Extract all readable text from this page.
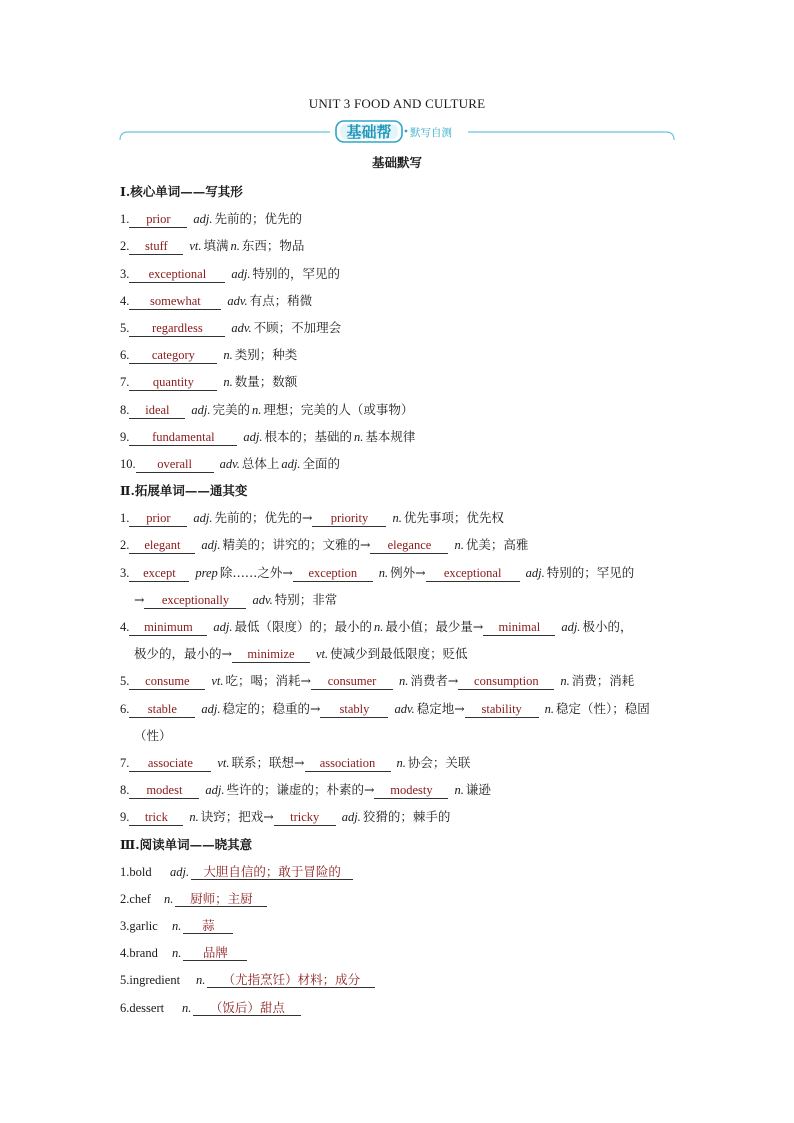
UNIT 3 FOOD AND CULTURE
基础帮 默写自测
基础默写
Ⅰ.核心单词——写其形
1. prior adj. 先前的；优先的
2. stuff vt. 填满 n. 东西；物品
3. exceptional adj. 特别的，罕见的
4. somewhat adv. 有点；稍微
5. regardless adv. 不顾；不加理会
6. category n. 类别；种类
7. quantity n. 数量；数额
8. ideal adj. 完美的 n. 理想；完美的人（或事物）
9. fundamental adj. 根本的；基础的 n. 基本规律
10. overall adv. 总体上 adj. 全面的
Ⅱ.拓展单词——通其变
1. prior adj. 先前的；优先的→ priority n. 优先事项；优先权
2. elegant adj. 精美的；讲究的；文雅的→ elegance n. 优美；高雅
3. except prep 除……之外→ exception n. 例外→ exceptional adj. 特别的；罕见的
→ exceptionally adv. 特别；非常
4. minimum adj. 最低（限度）的；最小的 n. 最小值；最少量→ minimal adj. 极小的，
极少的，最小的→ minimize vt. 使减少到最低限度；贬低
5. consume vt. 吃；喝；消耗→ consumer n. 消费者→ consumption n. 消费；消耗
6. stable adj. 稳定的；稳重的→ stably adv. 稳定地→ stability n. 稳定（性）；稳固
（性）
7. associate vt. 联系；联想→ association n. 协会；关联
8. modest adj. 些许的；谦虚的；朴素的→ modesty n. 谦逊
9. trick n. 诀窍；把戏→ tricky adj. 狡猾的；棘手的
Ⅲ.阅读单词——晓其意
1.bold adj. 大胆自信的；敢于冒险的
2.chef n. 厨师；主厨
3.garlic n. 蒜
4.brand n. 品牌
5.ingredient n. （尤指烹饪）材料；成分
6.dessert n. （饭后）甜点
